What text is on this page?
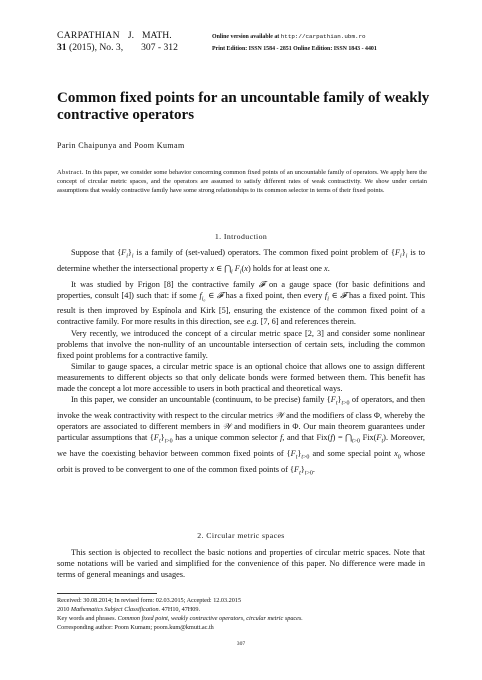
CARPATHIAN J. MATH.
31 (2015), No. 3, 307 - 312
Online version available at http://carpathian.ubm.ro
Print Edition: ISSN 1584 - 2851 Online Edition: ISSN 1843 - 4401
Common fixed points for an uncountable family of weakly contractive operators
Parin Chaipunya and Poom Kumam
Abstract. In this paper, we consider some behavior concerning common fixed points of an uncountable family of operators. We apply here the concept of circular metric spaces, and the operators are assumed to satisfy different rates of weak contractivity. We show under certain assumptions that weakly contractive family have some strong relationships to its common selector in terms of their fixed points.
1. Introduction

Suppose that $\{F_i\}_i$ is a family of (set-valued) operators. The common fixed point problem of $\{F_i\}_i$ is to determine whether the intersectional property x ∈ $⋂_i$ $F_i(x)$ holds for at least one x.

It was studied by Frigon [8] the contractive family 𝓕 on a gauge space (for basic definitions and properties, consult [4]) such that: if some $f_{i_0}$ ∈ 𝓕 has a fixed point, then every $f_i$ ∈ 𝓕 has a fixed point. This result is then improved by Espínola and Kirk [5], ensuring the existence of the common fixed point of a contractive family. For more results in this direction, see e.g. [7, 6] and references therein.

Very recently, we introduced the concept of a circular metric space [2, 3] and consider some nonlinear problems that involve the non-nullity of an uncountable intersection of certain sets, including the common fixed point problems for a contractive family.

Similar to gauge spaces, a circular metric space is an optional choice that allows one to assign different measurements to different objects so that only delicate bonds were formed between them. This benefit has made the concept a lot more accessible to users in both practical and theoretical ways.

In this paper, we consider an uncountable (continuum, to be precise) family $\{F_t\}_{t>0}$ of operators, and then invoke the weak contractivity with respect to the circular metrics 𝒲 and the modifiers of class Φ, whereby the operators are associated to different members in 𝒲 and modifiers in Φ. Our main theorem guarantees under particular assumptions that $\{F_t\}_{t>0}$ has a unique common selector f, and that $Fix(f) = ⋂_{t>0}$ $Fix(F_t)$. Moreover, we have the coexisting behavior between common fixed points of $\{F_t\}_{t>0}$ and some special point $x_0$ whose orbit is proved to be convergent to one of the common fixed points of $\{F_t\}_{t>0}$.

2. Circular metric spaces

This section is objected to recollect the basic notions and properties of circular metric spaces. Note that some notations will be varied and simplified for the convenience of this paper. No difference were made in terms of general meanings and usages.

Received: 30.08.2014; In revised form: 02.03.2015; Accepted: 12.03.2015
2010 Mathematics Subject Classification. 47H10, 47H09.
Key words and phrases. Common fixed point, weakly contractive operators, circular metric spaces.
Corresponding author: Poom Kumam; poom.kum@kmutt.ac.th
307
